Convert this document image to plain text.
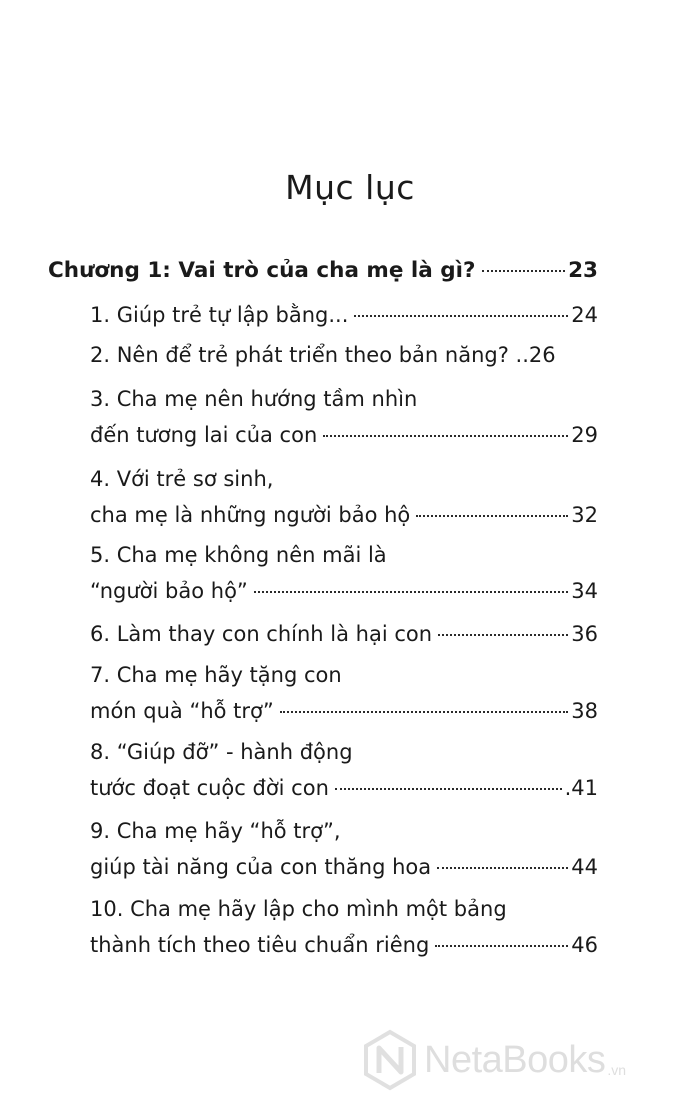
Mục lục
Chương 1: Vai trò của cha mẹ là gì?	23
1. Giúp trẻ tự lập bằng...	24
2. Nên để trẻ phát triển theo bản năng? .. 26
3. Cha mẹ nên hướng tầm nhìn
đến tương lai của con	29
4. Với trẻ sơ sinh,
cha mẹ là những người bảo hộ	32
5. Cha mẹ không nên mãi là
“người bảo hộ”	34
6. Làm thay con chính là hại con	36
7. Cha mẹ hãy tặng con
món quà “hỗ trợ”	38
8. “Giúp đỡ” - hành động
tước đoạt cuộc đời con	.41
9. Cha mẹ hãy “hỗ trợ”,
giúp tài năng của con thăng hoa	44
10. Cha mẹ hãy lập cho mình một bảng
thành tích theo tiêu chuẩn riêng	46
NetaBooks .vn
